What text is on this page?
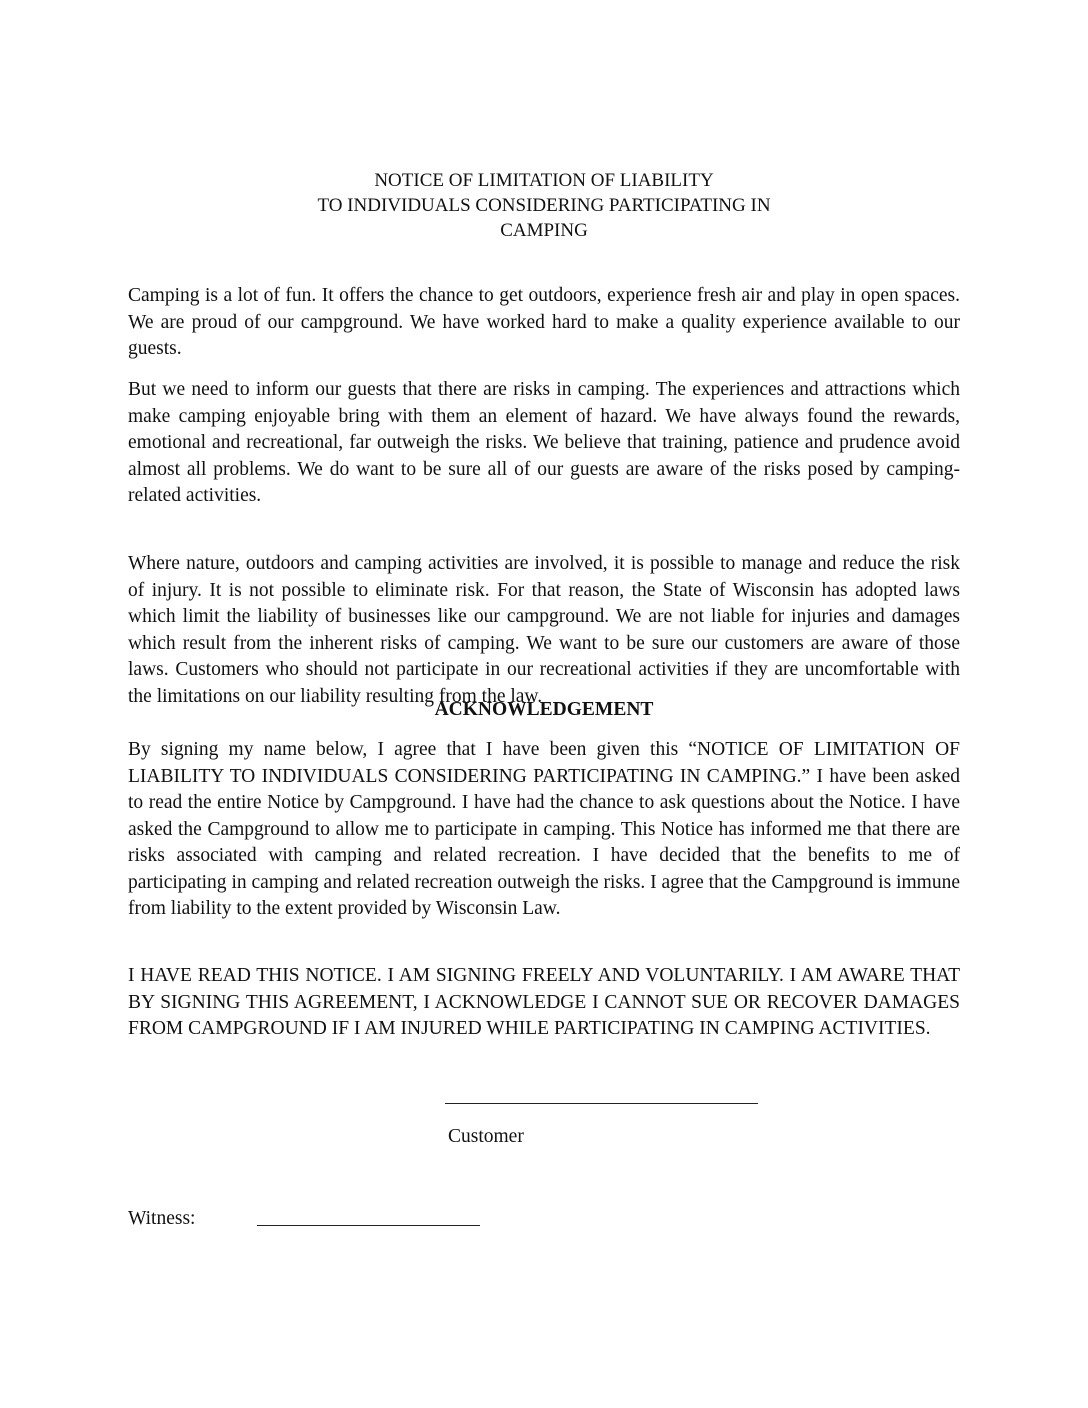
NOTICE OF LIMITATION OF LIABILITY
TO INDIVIDUALS CONSIDERING PARTICIPATING IN
CAMPING

Camping is a lot of fun. It offers the chance to get outdoors, experience fresh air and play in open spaces. We are proud of our campground. We have worked hard to make a quality experience available to our guests.

But we need to inform our guests that there are risks in camping. The experiences and attractions which make camping enjoyable bring with them an element of hazard. We have always found the rewards, emotional and recreational, far outweigh the risks. We believe that training, patience and prudence avoid almost all problems. We do want to be sure all of our guests are aware of the risks posed by camping-related activities.

Where nature, outdoors and camping activities are involved, it is possible to manage and reduce the risk of injury. It is not possible to eliminate risk. For that reason, the State of Wisconsin has adopted laws which limit the liability of businesses like our campground. We are not liable for injuries and damages which result from the inherent risks of camping. We want to be sure our customers are aware of those laws. Customers who should not participate in our recreational activities if they are uncomfortable with the limitations on our liability resulting from the law.

ACKNOWLEDGEMENT

By signing my name below, I agree that I have been given this “NOTICE OF LIMITATION OF LIABILITY TO INDIVIDUALS CONSIDERING PARTICIPATING IN CAMPING.” I have been asked to read the entire Notice by Campground. I have had the chance to ask questions about the Notice. I have asked the Campground to allow me to participate in camping. This Notice has informed me that there are risks associated with camping and related recreation. I have decided that the benefits to me of participating in camping and related recreation outweigh the risks. I agree that the Campground is immune from liability to the extent provided by Wisconsin Law.

I HAVE READ THIS NOTICE. I AM SIGNING FREELY AND VOLUNTARILY. I AM AWARE THAT BY SIGNING THIS AGREEMENT, I ACKNOWLEDGE I CANNOT SUE OR RECOVER DAMAGES FROM CAMPGROUND IF I AM INJURED WHILE PARTICIPATING IN CAMPING ACTIVITIES.

Customer
Witness:
